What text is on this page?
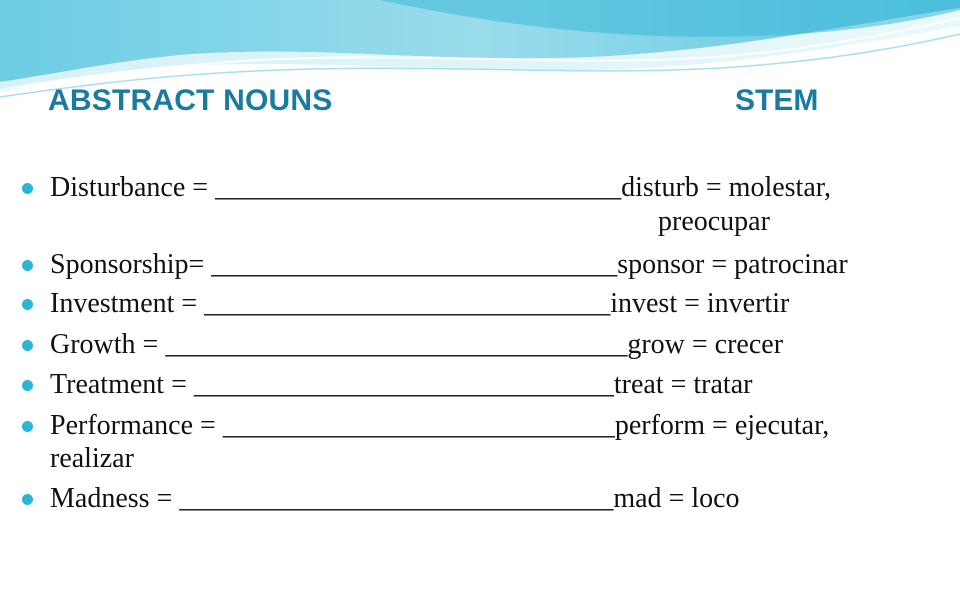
ABSTRACT NOUNS	STEM
Disturbance = _____________________________disturb = molestar,
preocupar
Sponsorship= _____________________________sponsor = patrocinar
Investment = _____________________________invest = invertir
Growth = _________________________________grow = crecer
Treatment = ______________________________treat = tratar
Performance = ____________________________perform = ejecutar,
realizar
Madness = _______________________________mad = loco
